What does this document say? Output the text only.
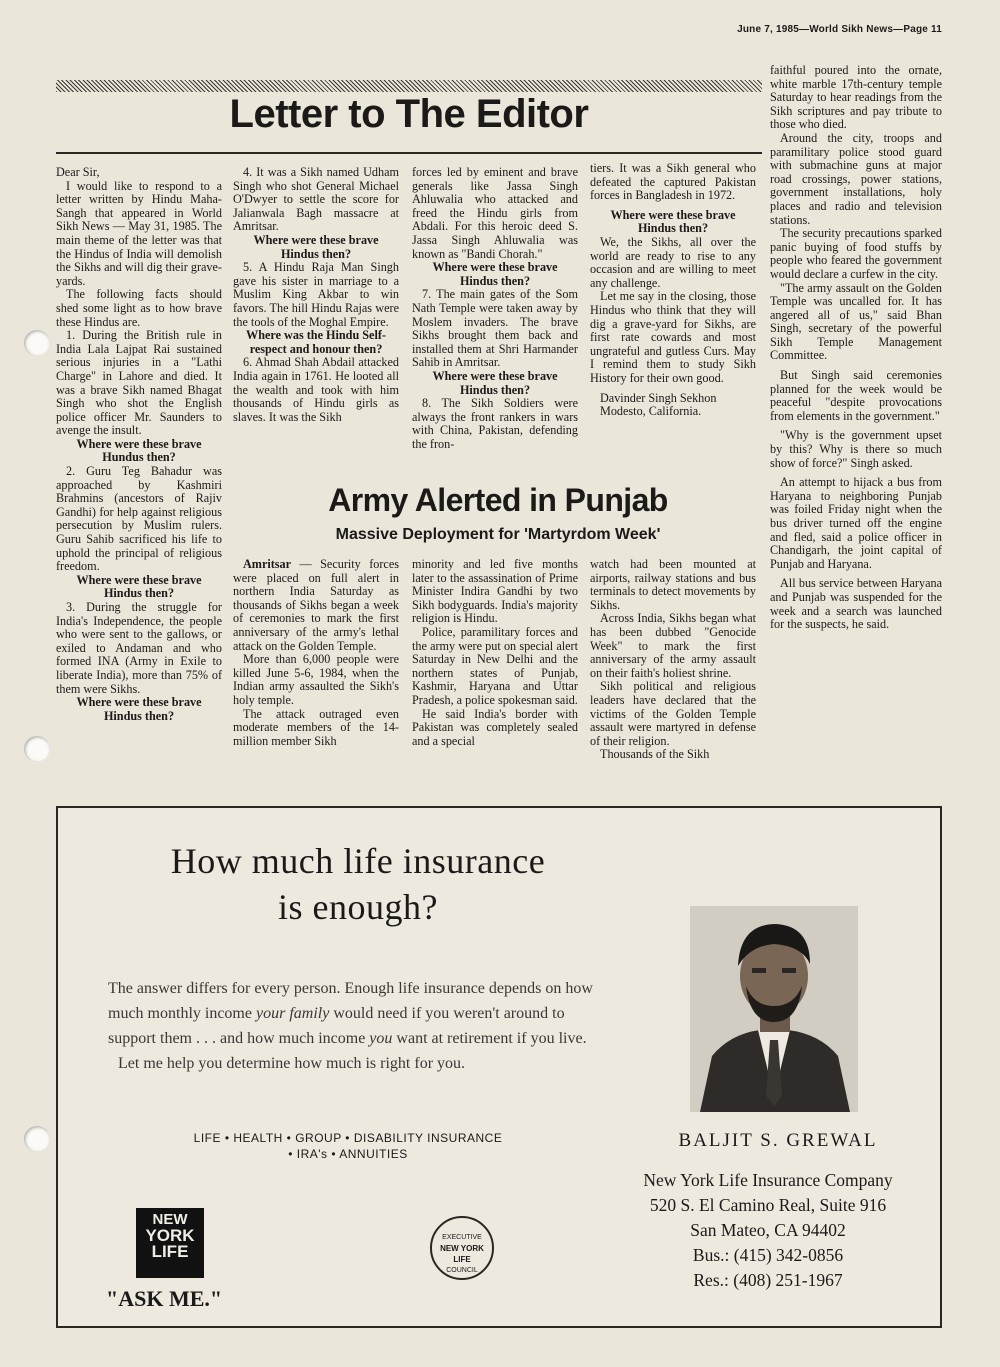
June 7, 1985—World Sikh News—Page 11
Letter to The Editor

Dear Sir,

I would like to respond to a letter written by Hindu Maha-Sangh that appeared in World Sikh News — May 31, 1985. The main theme of the letter was that the Hindus of India will demolish the Sikhs and will dig their grave-yards.

The following facts should shed some light as to how brave these Hindus are.

1. During the British rule in India Lala Lajpat Rai sustained serious injuries in a "Lathi Charge" in Lahore and died. It was a brave Sikh named Bhagat Singh who shot the English police officer Mr. Saunders to avenge the insult.

Where were these brave Hundus then?

2. Guru Teg Bahadur was approached by Kashmiri Brahmins (ancestors of Rajiv Gandhi) for help against religious persecution by Muslim rulers. Guru Sahib sacrificed his life to uphold the principal of religious freedom.

Where were these brave Hindus then?

3. During the struggle for India's Independence, the people who were sent to the gallows, or exiled to Andaman and who formed INA (Army in Exile to liberate India), more than 75% of them were Sikhs.

Where were these brave Hindus then?

4. It was a Sikh named Udham Singh who shot General Michael O'Dwyer to settle the score for Jalianwala Bagh massacre at Amritsar.

Where were these brave Hindus then?

5. A Hindu Raja Man Singh gave his sister in marriage to a Muslim King Akbar to win favors. The hill Hindu Rajas were the tools of the Moghal Empire.

Where was the Hindu Self-respect and honour then?

6. Ahmad Shah Abdail attacked India again in 1761. He looted all the wealth and took with him thousands of Hindu girls as slaves. It was the Sikh

forces led by eminent and brave generals like Jassa Singh Ahluwalia who attacked and freed the Hindu girls from Abdali. For this heroic deed S. Jassa Singh Ahluwalia was known as "Bandi Chorah."

Where were these brave Hindus then?

7. The main gates of the Som Nath Temple were taken away by Moslem invaders. The brave Sikhs brought them back and installed them at Shri Harmander Sahib in Amritsar.

Where were these brave Hindus then?

8. The Sikh Soldiers were always the front rankers in wars with China, Pakistan, defending the fron-

tiers. It was a Sikh general who defeated the captured Pakistan forces in Bangladesh in 1972.

Where were these brave Hindus then?

We, the Sikhs, all over the world are ready to rise to any occasion and are willing to meet any challenge.

Let me say in the closing, those Hindus who think that they will dig a grave-yard for Sikhs, are first rate cowards and most ungrateful and gutless Curs. May I remind them to study Sikh History for their own good.

Davinder Singh Sekhon

Modesto, California.

faithful poured into the ornate, white marble 17th-century temple Saturday to hear readings from the Sikh scriptures and pay tribute to those who died.

Around the city, troops and paramilitary police stood guard with submachine guns at major road crossings, power stations, government installations, holy places and radio and television stations.

The security precautions sparked panic buying of food stuffs by people who feared the government would declare a curfew in the city.

"The army assault on the Golden Temple was uncalled for. It has angered all of us," said Bhan Singh, secretary of the powerful Sikh Temple Management Committee.

But Singh said ceremonies planned for the week would be peaceful "despite provocations from elements in the government."

"Why is the government upset by this? Why is there so much show of force?" Singh asked.

An attempt to hijack a bus from Haryana to neighboring Punjab was foiled Friday night when the bus driver turned off the engine and fled, said a police officer in Chandigarh, the joint capital of Punjab and Haryana.

All bus service between Haryana and Punjab was suspended for the week and a search was launched for the suspects, he said.

Army Alerted in Punjab
Massive Deployment for 'Martyrdom Week'

Amritsar — Security forces were placed on full alert in northern India Saturday as thousands of Sikhs began a week of ceremonies to mark the first anniversary of the army's lethal attack on the Golden Temple.

More than 6,000 people were killed June 5-6, 1984, when the Indian army assaulted the Sikh's holy temple.

The attack outraged even moderate members of the 14-million member Sikh

minority and led five months later to the assassination of Prime Minister Indira Gandhi by two Sikh bodyguards. India's majority religion is Hindu.

Police, paramilitary forces and the army were put on special alert Saturday in New Delhi and the northern states of Punjab, Kashmir, Haryana and Uttar Pradesh, a police spokesman said.

He said India's border with Pakistan was completely sealed and a special

watch had been mounted at airports, railway stations and bus terminals to detect movements by Sikhs.

Across India, Sikhs began what has been dubbed "Genocide Week" to mark the first anniversary of the army assault on their faith's holiest shrine.

Sikh political and religious leaders have declared that the victims of the Golden Temple assault were martyred in defense of their religion.

Thousands of the Sikh

How much life insurance
is enough?
The answer differs for every person. Enough life insurance depends on how much monthly income your family would need if you weren't around to support them . . . and how much income you want at retirement if you live.
Let me help you determine how much is right for you.
LIFE • HEALTH • GROUP • DISABILITY INSURANCE
• IRA's • ANNUITIES
NEW
YORK
LIFE
"ASK ME."
EXECUTIVE
NEW YORK LIFE
COUNCIL
BALJIT S. GREWAL
New York Life Insurance Company
520 S. El Camino Real, Suite 916
San Mateo, CA 94402
Bus.: (415) 342-0856
Res.: (408) 251-1967
